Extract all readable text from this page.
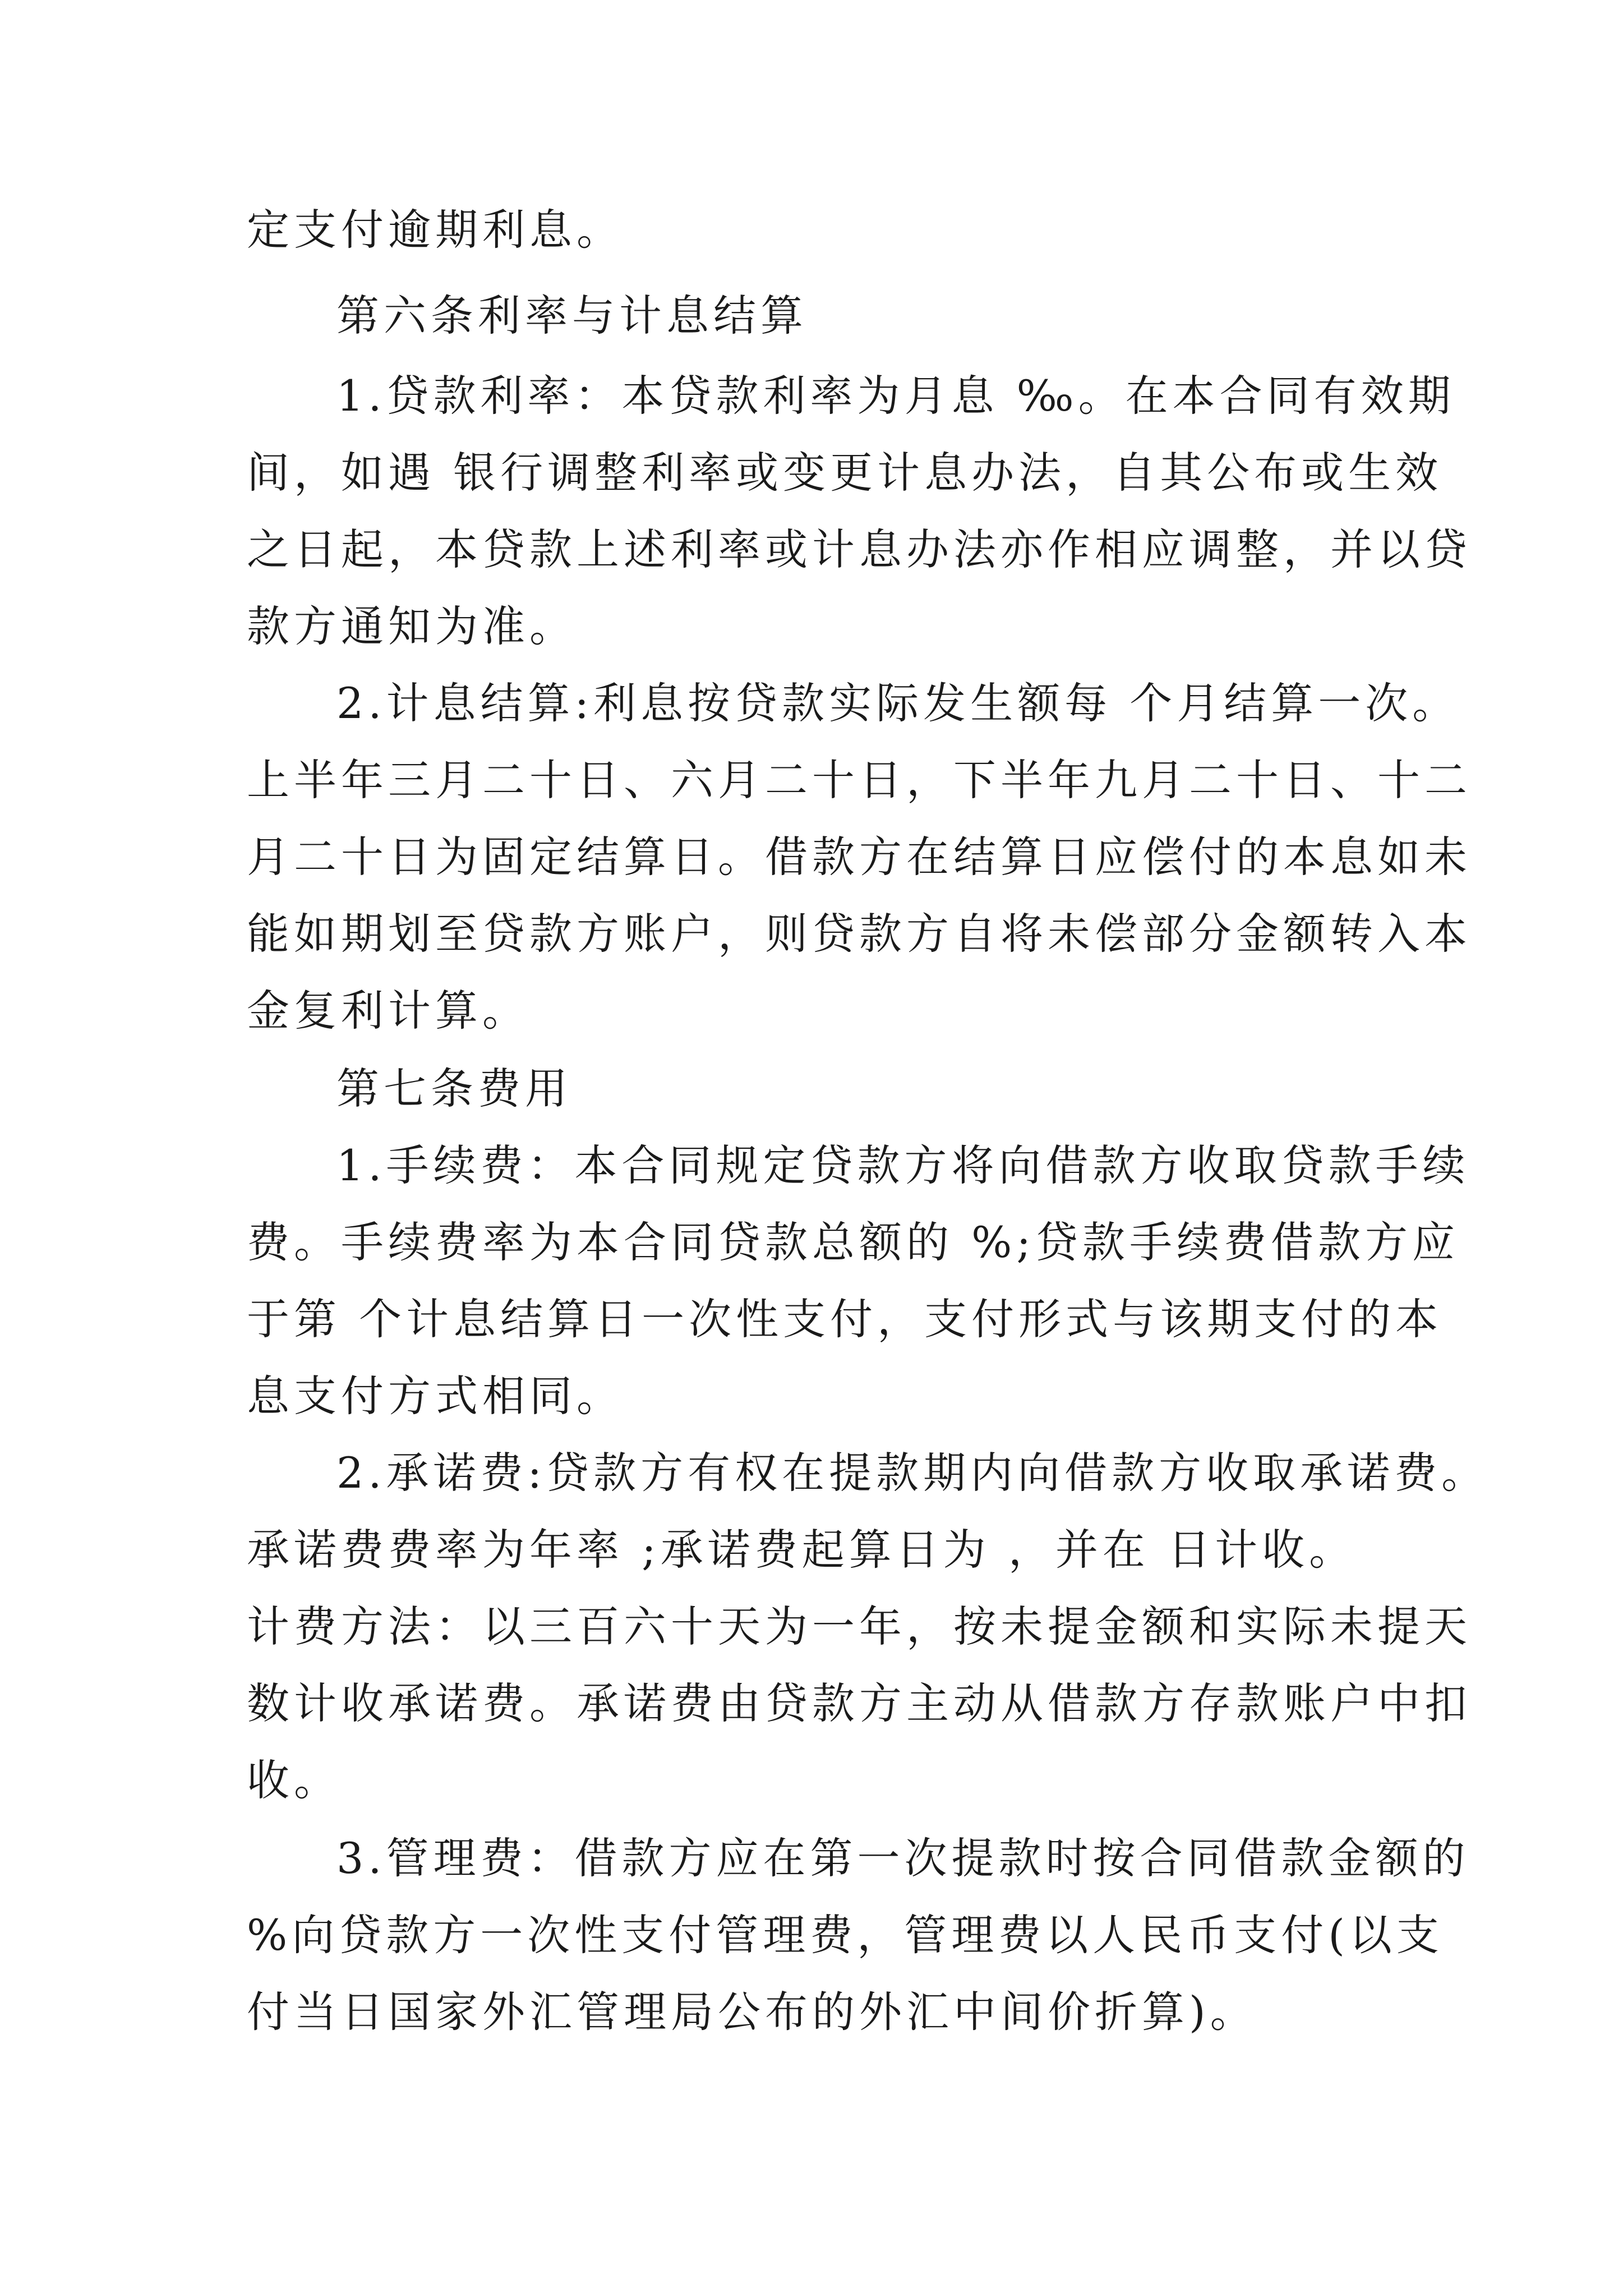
定支付逾期利息。
第六条利率与计息结算
1.贷款利率：本贷款利率为月息 ‰。在本合同有效期
间，如遇 银行调整利率或变更计息办法，自其公布或生效
之日起，本贷款上述利率或计息办法亦作相应调整，并以贷
款方通知为准。
2.计息结算:利息按贷款实际发生额每 个月结算一次。
上半年三月二十日、六月二十日，下半年九月二十日、十二
月二十日为固定结算日。借款方在结算日应偿付的本息如未
能如期划至贷款方账户，则贷款方自将未偿部分金额转入本
金复利计算。
第七条费用
1.手续费：本合同规定贷款方将向借款方收取贷款手续
费。手续费率为本合同贷款总额的 %;贷款手续费借款方应
于第 个计息结算日一次性支付，支付形式与该期支付的本
息支付方式相同。
2.承诺费:贷款方有权在提款期内向借款方收取承诺费。
承诺费费率为年率 ;承诺费起算日为 ，并在 日计收。
计费方法：以三百六十天为一年，按未提金额和实际未提天
数计收承诺费。承诺费由贷款方主动从借款方存款账户中扣
收。
3.管理费：借款方应在第一次提款时按合同借款金额的
%向贷款方一次性支付管理费，管理费以人民币支付(以支
付当日国家外汇管理局公布的外汇中间价折算)。
